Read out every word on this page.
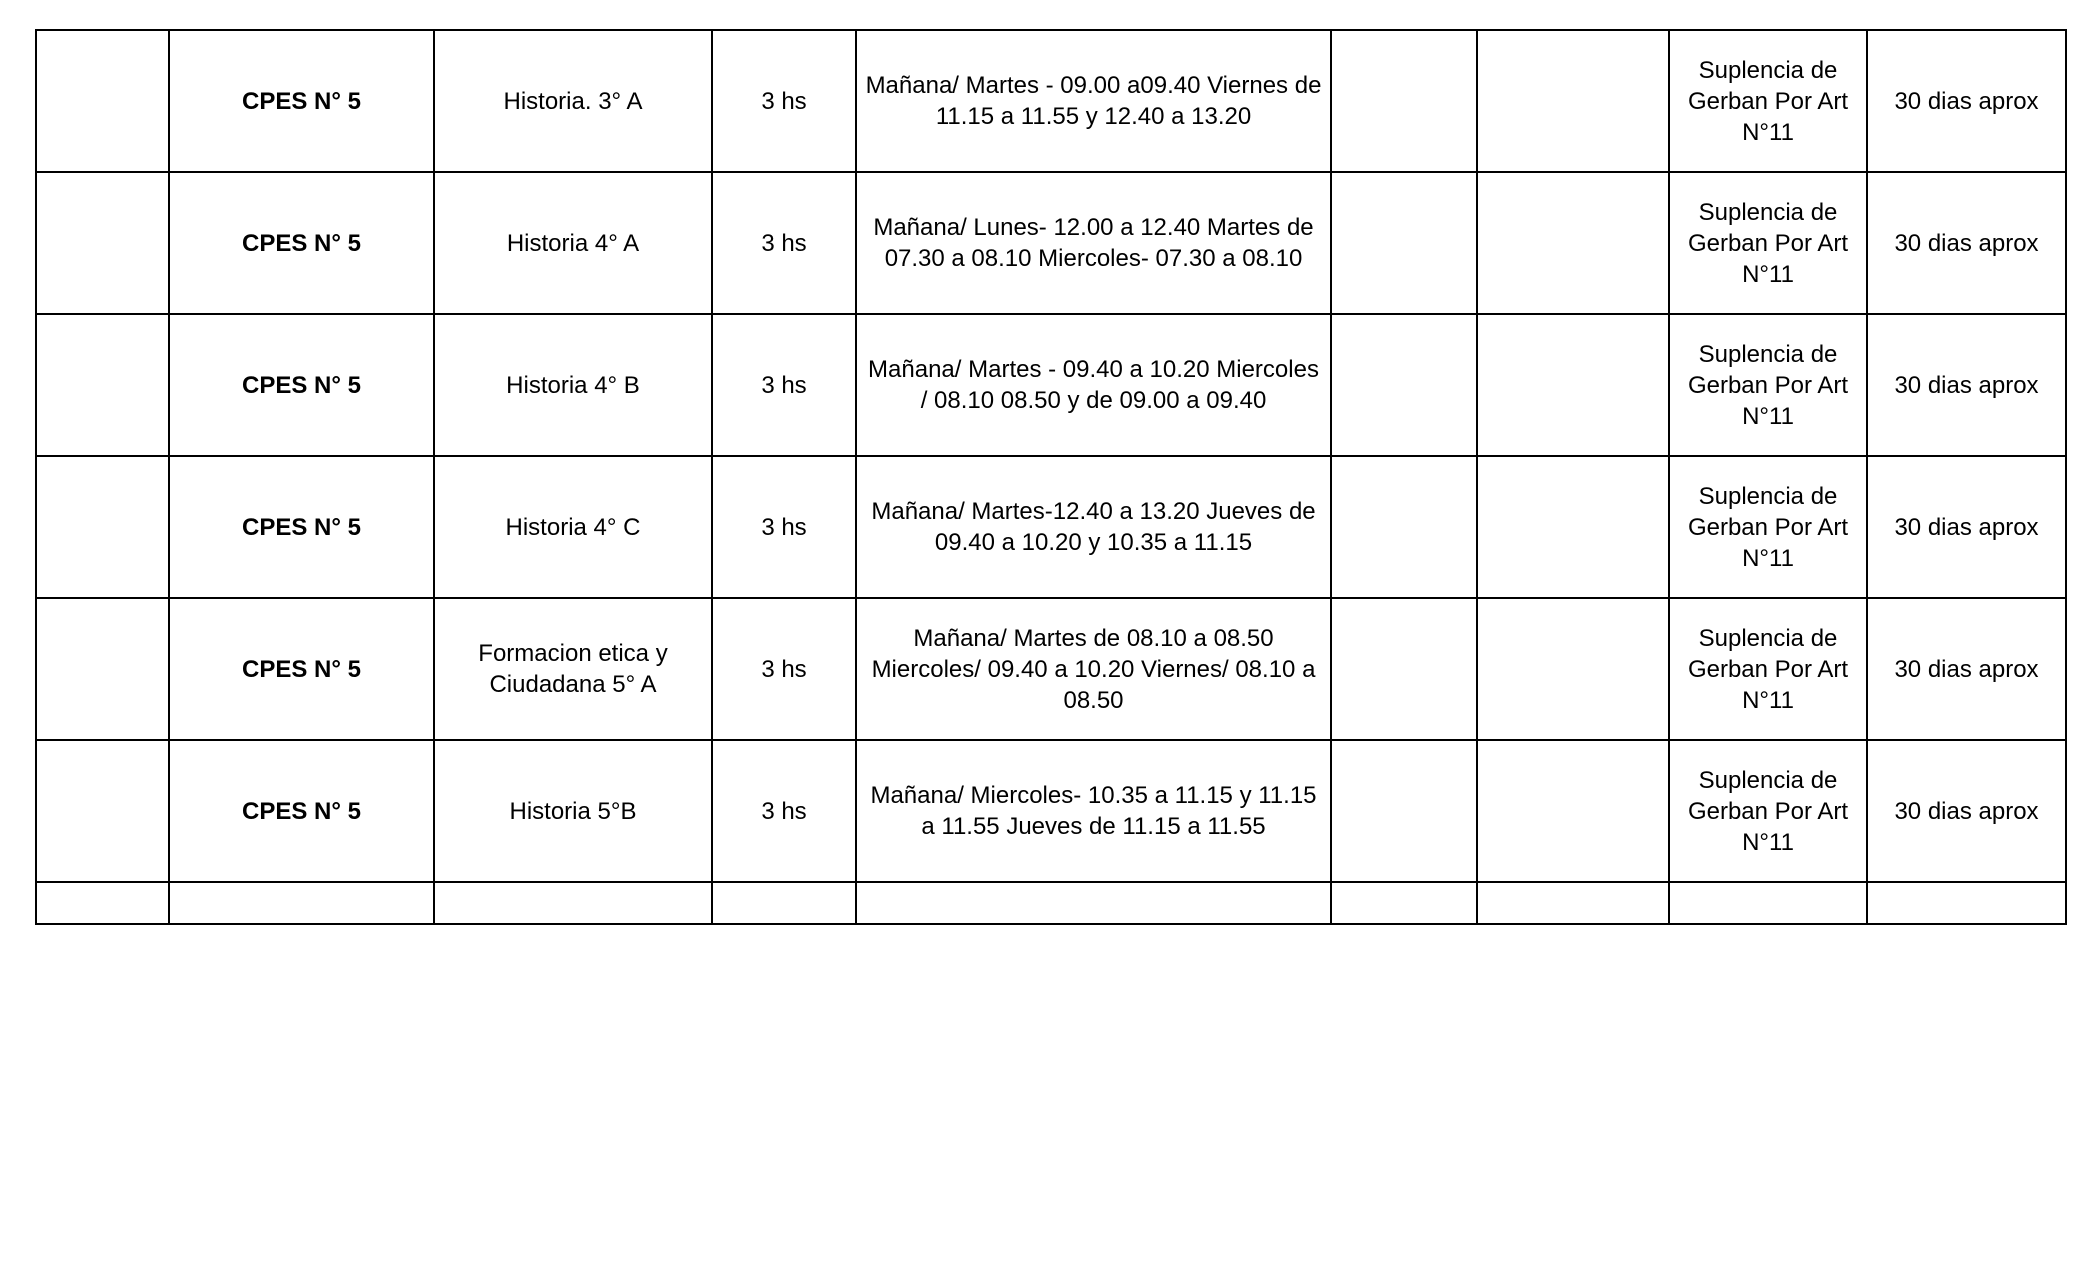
	CPES N° 5	Historia. 3° A	3 hs	Mañana/ Martes - 09.00 a09.40 Viernes de 11.15 a 11.55 y 12.40 a 13.20			Suplencia de Gerban Por Art N°11	30 dias aprox
	CPES N° 5	Historia 4° A	3 hs	Mañana/ Lunes- 12.00 a 12.40 Martes de 07.30 a 08.10 Miercoles- 07.30 a 08.10			Suplencia de Gerban Por Art N°11	30 dias aprox
	CPES N° 5	Historia 4° B	3 hs	Mañana/ Martes - 09.40 a 10.20 Miercoles / 08.10 08.50 y de 09.00 a 09.40			Suplencia de Gerban Por Art N°11	30 dias aprox
	CPES N° 5	Historia 4° C	3 hs	Mañana/ Martes-12.40 a 13.20 Jueves de 09.40 a 10.20 y 10.35 a 11.15			Suplencia de Gerban Por Art N°11	30 dias aprox
	CPES N° 5	Formacion etica y Ciudadana 5° A	3 hs	Mañana/ Martes de 08.10 a 08.50 Miercoles/ 09.40 a 10.20 Viernes/ 08.10 a 08.50			Suplencia de Gerban Por Art N°11	30 dias aprox
	CPES N° 5	Historia 5°B	3 hs	Mañana/ Miercoles- 10.35 a 11.15 y 11.15 a 11.55 Jueves de 11.15 a 11.55			Suplencia de Gerban Por Art N°11	30 dias aprox
